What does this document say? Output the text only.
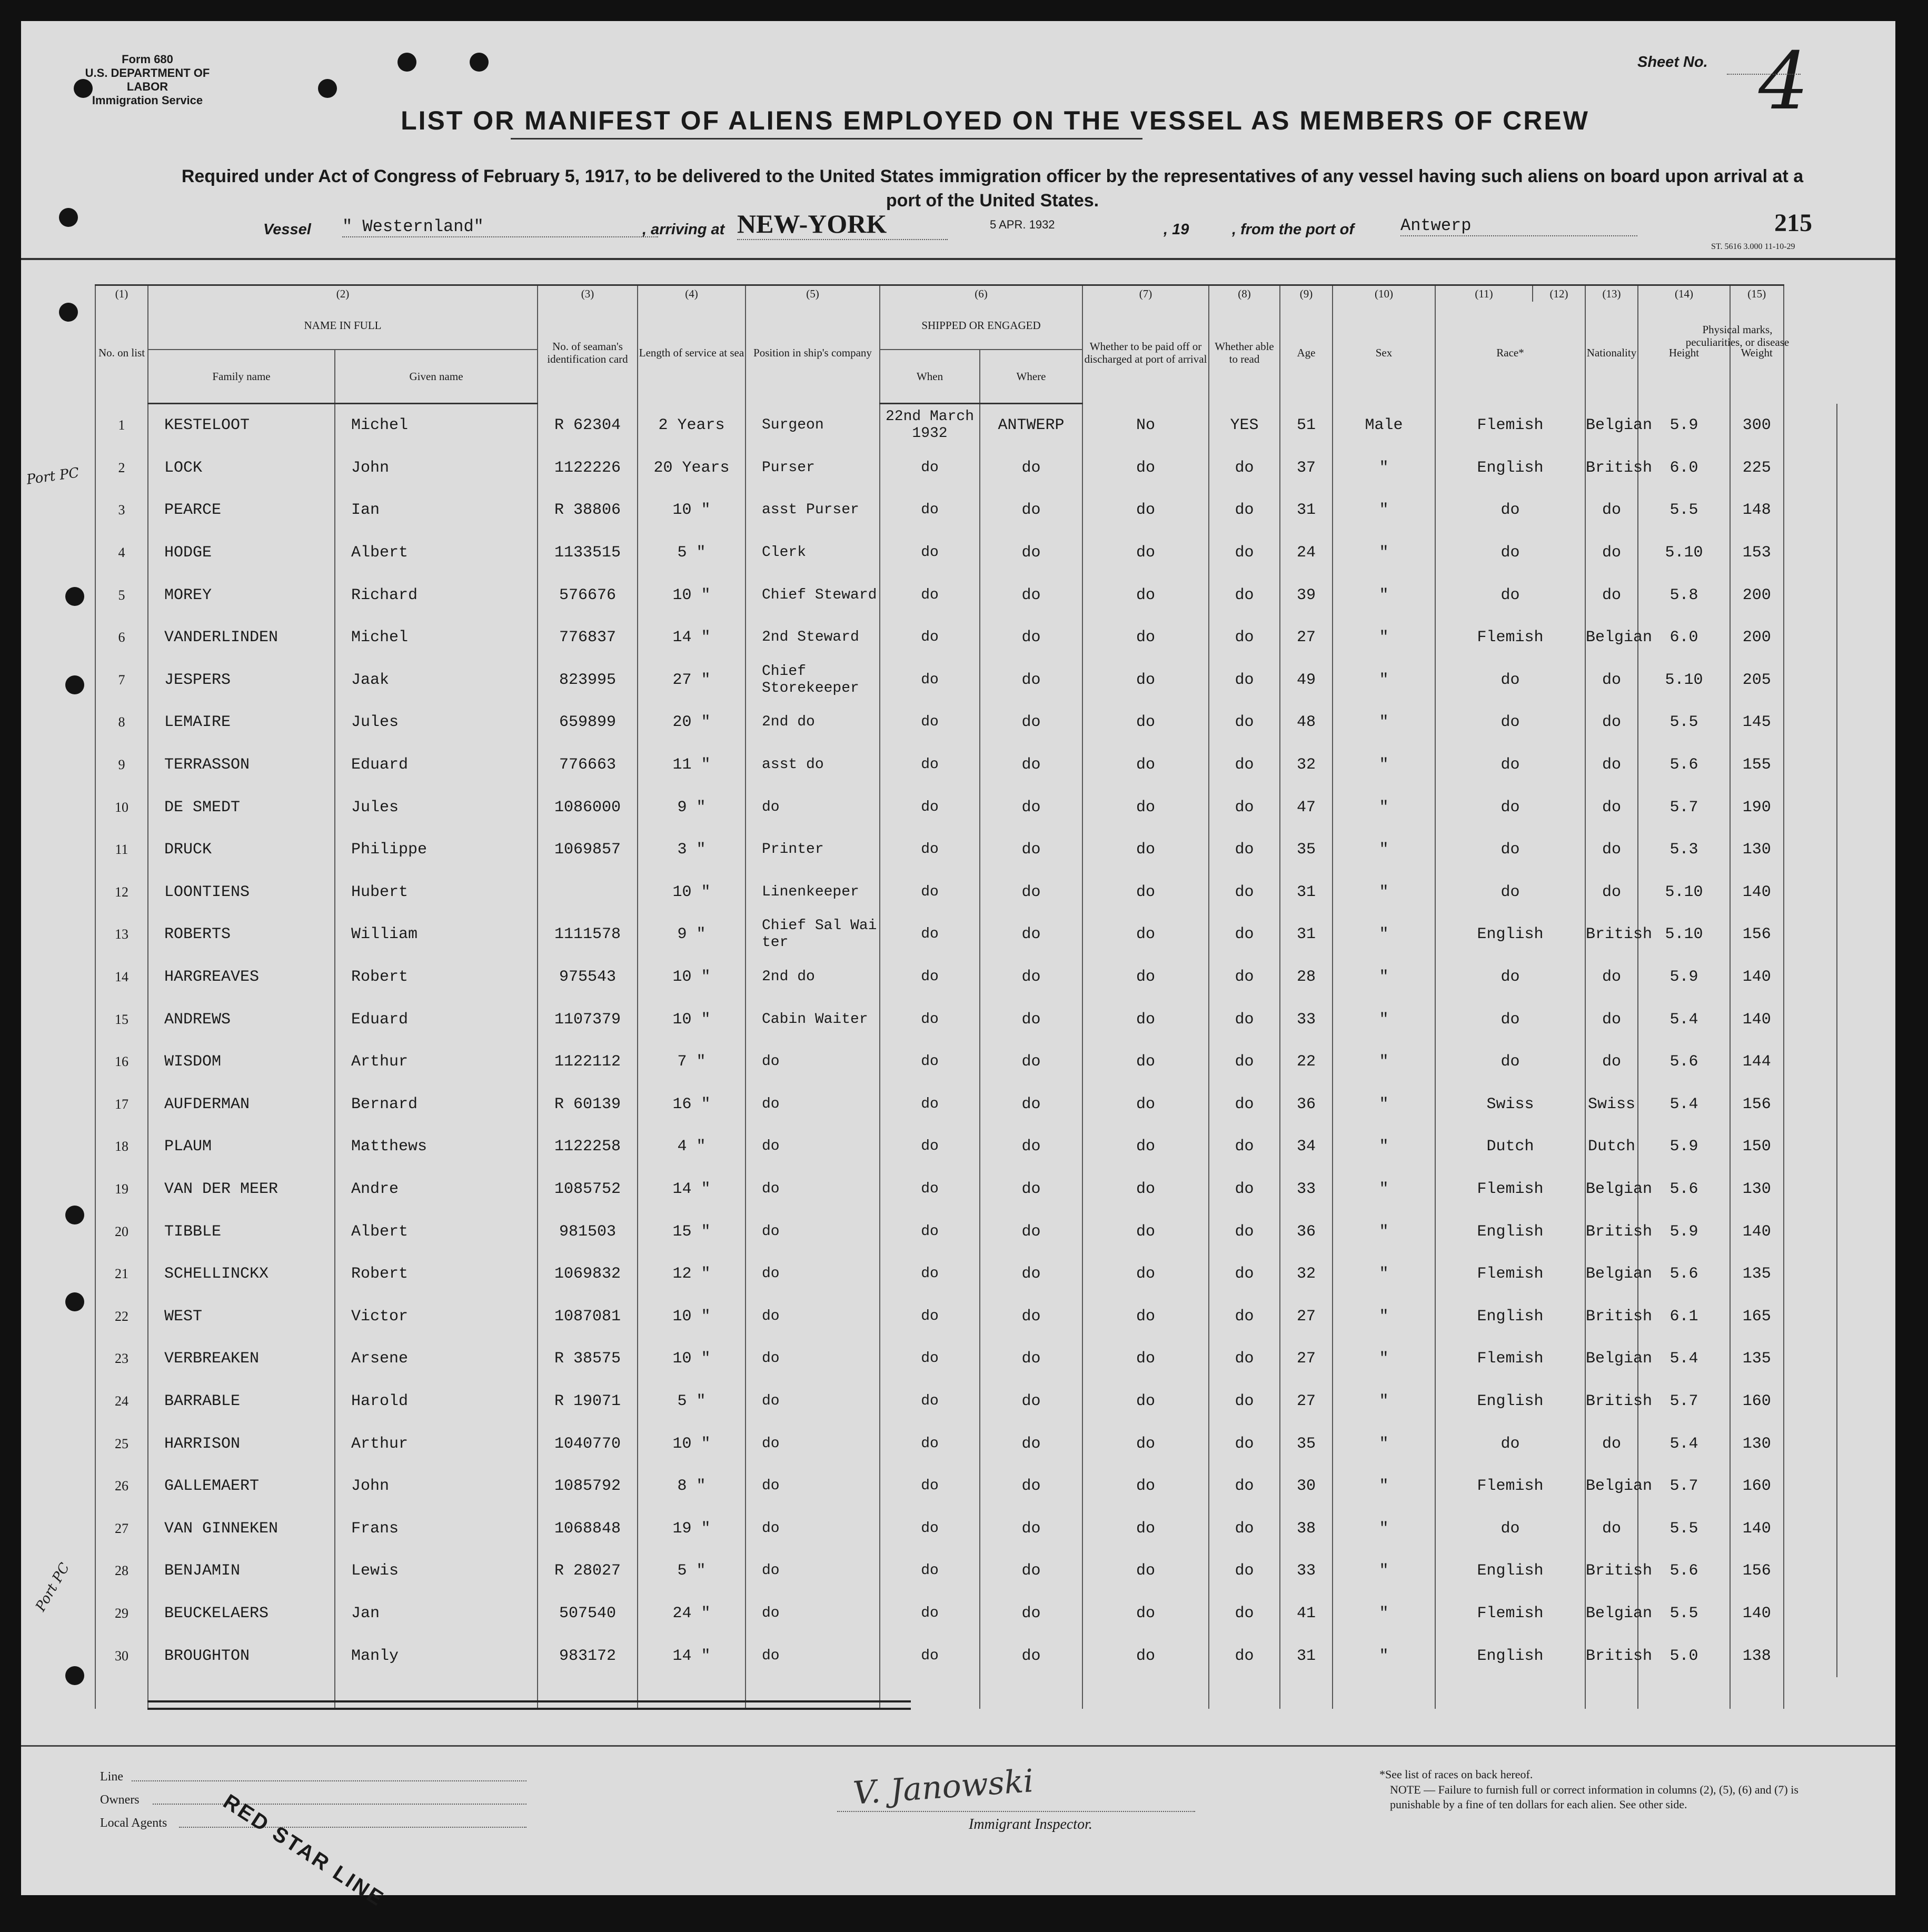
Form 680
U.S. DEPARTMENT OF LABOR
Immigration Service
Sheet No. 4
LIST OR MANIFEST OF ALIENS EMPLOYED ON THE VESSEL AS MEMBERS OF CREW
Required under Act of Congress of February 5, 1917, to be delivered to the United States immigration officer by the representatives of any vessel having such aliens on board upon arrival at a port of the United States.
Vessel " Westernland"	, arriving at NEW-YORK	5 APR. 1932	, 19	, from the port of	Antwerp	215
ST. 5616 3.000 11-10-29
(1)	(2)		(3)	(4)	(5)	(6)		(7)	(8)	(9)	(10)	(11)	(12)	(13)	(14)	(15)	
No. on list	NAME IN FULL		No. of seaman's identification card	Length of service at sea	Position in ship's company	SHIPPED OR ENGAGED		Whether to be paid off or discharged at port of arrival	Whether able to read	Age	Sex	Race*		Nationality	Height	Weight	
	Family name	Given name				When	Where										
1	KESTELOOT	Michel	R 62304	2 Years	Surgeon	22nd March 1932	ANTWERP	No	YES	51	Male	Flemish		Belgian	5.9	300	
2	LOCK	John	1122226	20 Years	Purser	do	do	do	do	37	"	English		British	6.0	225	
3	PEARCE	Ian	R 38806	10 "	asst Purser	do	do	do	do	31	"	do		do	5.5	148	
4	HODGE	Albert	1133515	5 "	Clerk	do	do	do	do	24	"	do		do	5.10	153	
5	MOREY	Richard	576676	10 "	Chief Steward	do	do	do	do	39	"	do		do	5.8	200	
6	VANDERLINDEN	Michel	776837	14 "	2nd Steward	do	do	do	do	27	"	Flemish		Belgian	6.0	200	
7	JESPERS	Jaak	823995	27 "	Chief Storekeeper	do	do	do	do	49	"	do		do	5.10	205	
8	LEMAIRE	Jules	659899	20 "	2nd do	do	do	do	do	48	"	do		do	5.5	145	
9	TERRASSON	Eduard	776663	11 "	asst do	do	do	do	do	32	"	do		do	5.6	155	
10	DE SMEDT	Jules	1086000	9 "	do	do	do	do	do	47	"	do		do	5.7	190	
11	DRUCK	Philippe	1069857	3 "	Printer	do	do	do	do	35	"	do		do	5.3	130	
12	LOONTIENS	Hubert		10 "	Linenkeeper	do	do	do	do	31	"	do		do	5.10	140	
13	ROBERTS	William	1111578	9 "	Chief Sal Wai ter	do	do	do	do	31	"	English		British	5.10	156	
14	HARGREAVES	Robert	975543	10 "	2nd do	do	do	do	do	28	"	do		do	5.9	140	
15	ANDREWS	Eduard	1107379	10 "	Cabin Waiter	do	do	do	do	33	"	do		do	5.4	140	
16	WISDOM	Arthur	1122112	7 "	do	do	do	do	do	22	"	do		do	5.6	144	
17	AUFDERMAN	Bernard	R 60139	16 "	do	do	do	do	do	36	"	Swiss		Swiss	5.4	156	
18	PLAUM	Matthews	1122258	4 "	do	do	do	do	do	34	"	Dutch		Dutch	5.9	150	
19	VAN DER MEER	Andre	1085752	14 "	do	do	do	do	do	33	"	Flemish		Belgian	5.6	130	
20	TIBBLE	Albert	981503	15 "	do	do	do	do	do	36	"	English		British	5.9	140	
21	SCHELLINCKX	Robert	1069832	12 "	do	do	do	do	do	32	"	Flemish		Belgian	5.6	135	
22	WEST	Victor	1087081	10 "	do	do	do	do	do	27	"	English		British	6.1	165	
23	VERBREAKEN	Arsene	R 38575	10 "	do	do	do	do	do	27	"	Flemish		Belgian	5.4	135	
24	BARRABLE	Harold	R 19071	5 "	do	do	do	do	do	27	"	English		British	5.7	160	
25	HARRISON	Arthur	1040770	10 "	do	do	do	do	do	35	"	do		do	5.4	130	
26	GALLEMAERT	John	1085792	8 "	do	do	do	do	do	30	"	Flemish		Belgian	5.7	160	
27	VAN GINNEKEN	Frans	1068848	19 "	do	do	do	do	do	38	"	do		do	5.5	140	
28	BENJAMIN	Lewis	R 28027	5 "	do	do	do	do	do	33	"	English		British	5.6	156	
29	BEUCKELAERS	Jan	507540	24 "	do	do	do	do	do	41	"	Flemish		Belgian	5.5	140	
30	BROUGHTON	Manly	983172	14 "	do	do	do	do	do	31	"	English		British	5.0	138	

Physical marks, peculiarities, or disease
Port PC
Port PC
Line
Owners
Local Agents RED STAR LINE
V. Janowski
Immigrant Inspector.
*See list of races on back hereof.
NOTE — Failure to furnish full or correct information in columns (2), (5), (6) and (7) is punishable by a fine of ten dollars for each alien. See other side.
